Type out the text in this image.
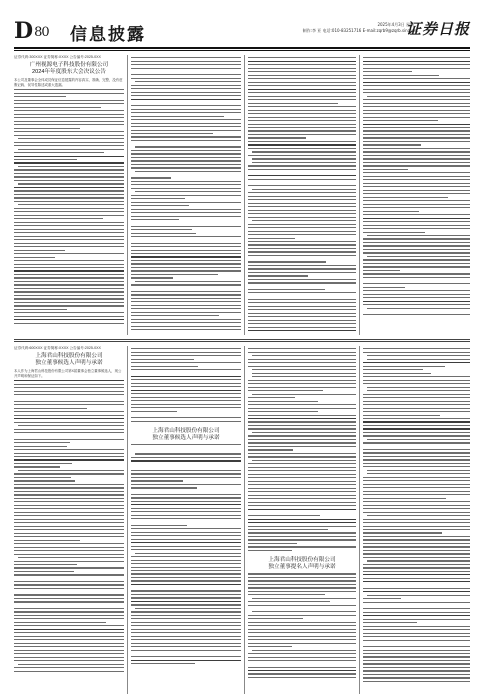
D 80 信息披露
2025年4月3日 星期二
制作:李 亚 电话:010-83251716 E-mail:zqrb9@zqrb.sina.net
证券日报
证券代码:300XXX 证券简称:XXXX 公告编号:2025-0XX
广州视源电子科技股份有限公司
2024年年度股东大会决议公告
本公司及董事会全体成员保证信息披露的内容真实、准确、完整，没有虚假记载、误导性陈述或重大遗漏。
证券代码:600XXX 证券简称:XXXX 公告编号:2025-0XX
上海君山科技股份有限公司
独立董事候选人声明与承诺
本人作为上海君山科技股份有限公司第X届董事会独立董事候选人，现公开声明和保证如下。
上海君山科技股份有限公司
独立董事候选人声明与承诺
上海君山科技股份有限公司
独立董事提名人声明与承诺
